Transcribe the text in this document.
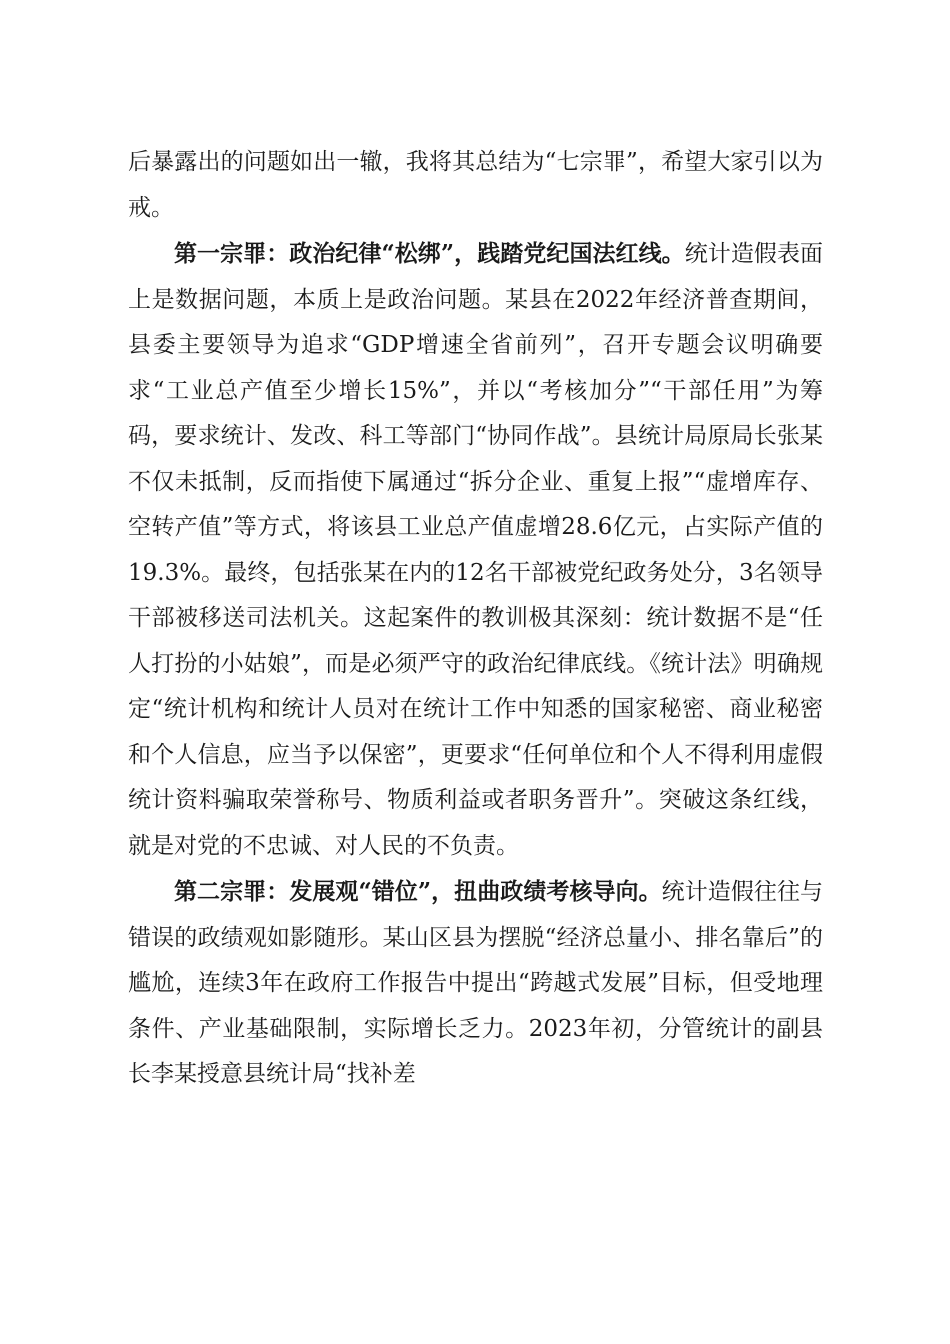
后暴露出的问题如出一辙，我将其总结为“七宗罪”，希望大家引以为戒。

第一宗罪：政治纪律“松绑”，践踏党纪国法红线。统计造假表面上是数据问题，本质上是政治问题。某县在2022年经济普查期间，县委主要领导为追求“GDP增速全省前列”，召开专题会议明确要求“工业总产值至少增长15%”，并以“考核加分”“干部任用”为筹码，要求统计、发改、科工等部门“协同作战”。县统计局原局长张某不仅未抵制，反而指使下属通过“拆分企业、重复上报”“虚增库存、空转产值”等方式，将该县工业总产值虚增28.6亿元，占实际产值的19.3%。最终，包括张某在内的12名干部被党纪政务处分，3名领导干部被移送司法机关。这起案件的教训极其深刻：统计数据不是“任人打扮的小姑娘”，而是必须严守的政治纪律底线。《统计法》明确规定“统计机构和统计人员对在统计工作中知悉的国家秘密、商业秘密和个人信息，应当予以保密”，更要求“任何单位和个人不得利用虚假统计资料骗取荣誉称号、物质利益或者职务晋升”。突破这条红线，就是对党的不忠诚、对人民的不负责。

第二宗罪：发展观“错位”，扭曲政绩考核导向。统计造假往往与错误的政绩观如影随形。某山区县为摆脱“经济总量小、排名靠后”的尴尬，连续3年在政府工作报告中提出“跨越式发展”目标，但受地理条件、产业基础限制，实际增长乏力。2023年初，分管统计的副县长李某授意县统计局“找补差
